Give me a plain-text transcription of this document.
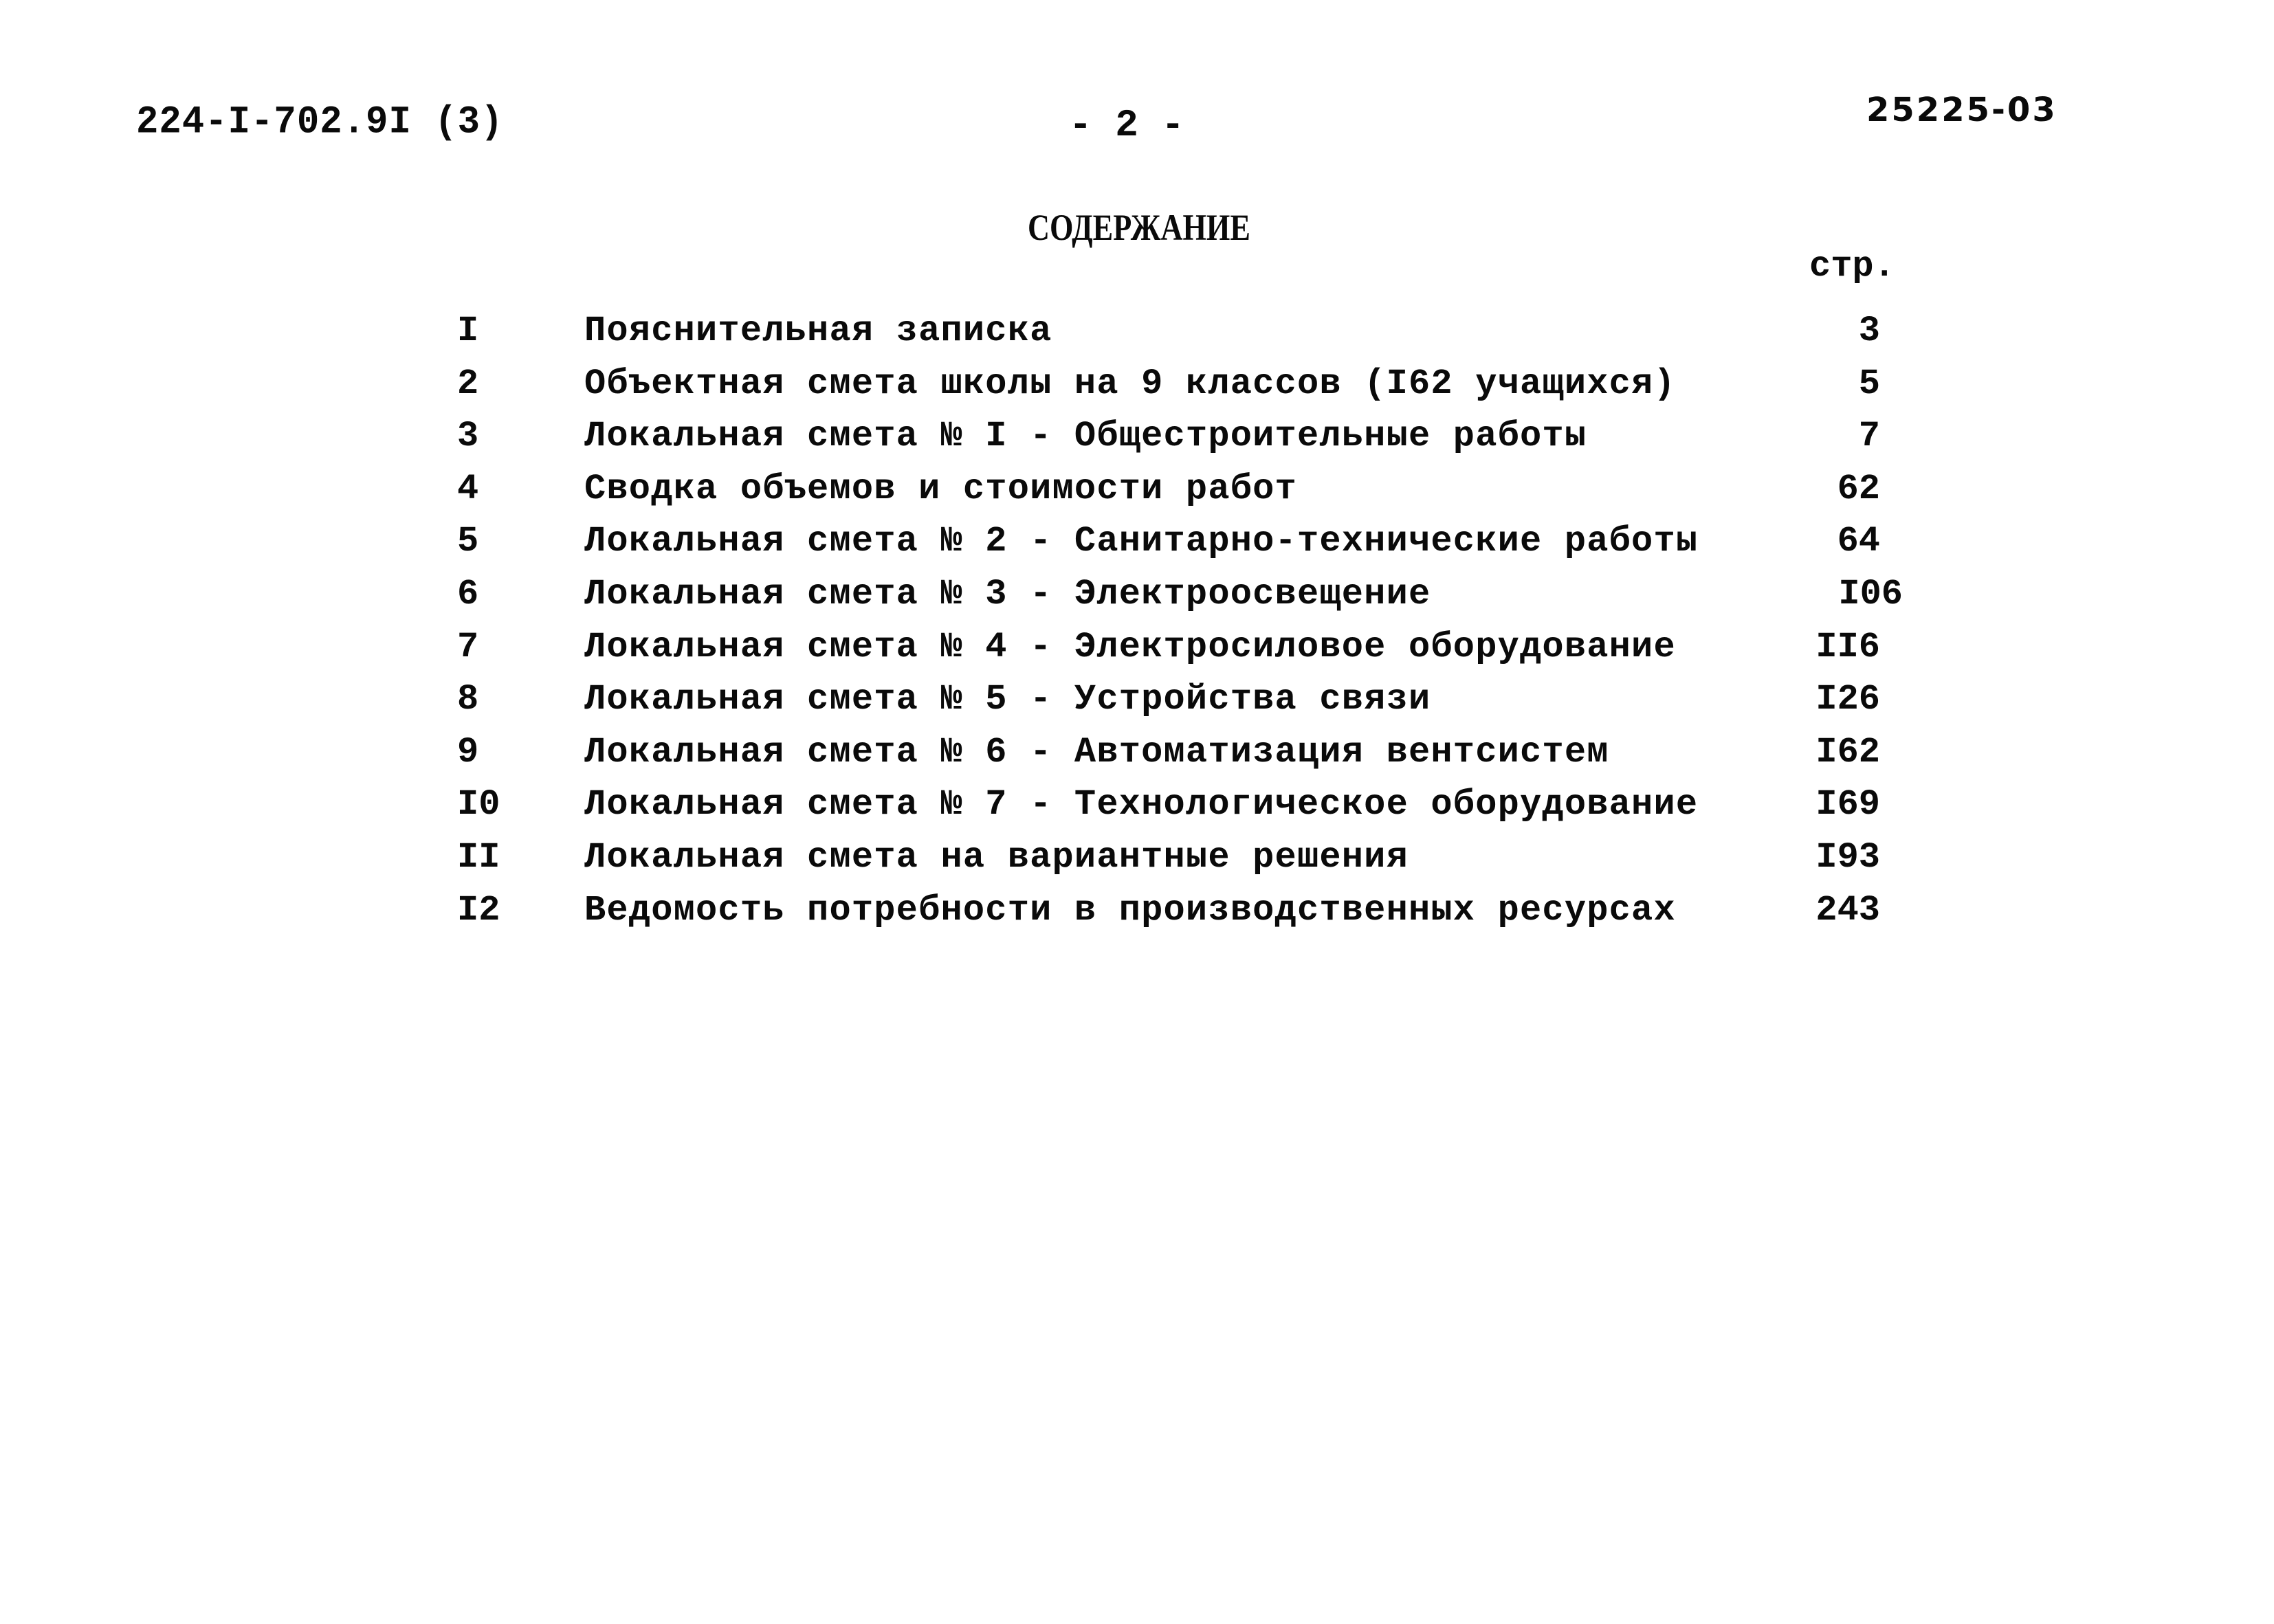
224-I-702.9I (3)	- 2 -	25225-03
СОДЕРЖАНИЕ
стр.
I	Пояснительная записка	3
2	Объектная смета школы на 9 классов (I62 учащихся)	5
3	Локальная смета № I - Общестроительные работы	7
4	Сводка объемов и стоимости работ	62
5	Локальная смета № 2 - Санитарно-технические работы	64
6	Локальная смета № 3 - Электроосвещение	I06
7	Локальная смета № 4 - Электросиловое оборудование	II6
8	Локальная смета № 5 - Устройства связи	I26
9	Локальная смета № 6 - Автоматизация вентсистем	I62
I0 Локальная смета № 7 - Технологическое оборудование	I69
II Локальная смета на вариантные решения	I93
I2 Ведомость потребности в производственных ресурсах	243
